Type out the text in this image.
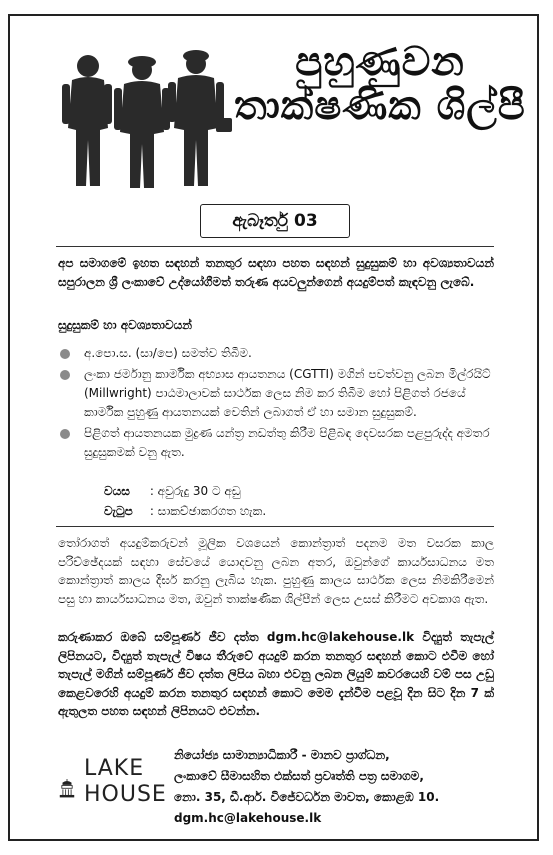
පුහුණුවන
තාක්ෂණික ශිල්පී
ඇබෑර්තු 03
අප සමාගමේ ඉහත සඳහන් තනතුර සඳහා පහත සඳහන් සුදුසුකම් හා අවශ්‍යතාවයන් සපුරාලන ශ්‍රී ලංකාවේ උද්යෝගීමත් තරුණ අයවලුන්ගෙන් අයදුම්පත් කැඳවනු ලැබේ.
සුදුසුකම් හා අවශ්‍යතාවයන්
අ.පො.ස. (සා/පෙ) සමත්ව තිබීම.
ලංකා ජර්මානු කාර්මික අභ්‍යාස ආයතනය (CGTTI) මගින් පවත්වනු ලබන මිල්රයිට් (Millwright) පාඨමාලාවක් සාර්ථක ලෙස නිම කර තිබීම හෝ පිළිගත් රජයේ කාර්මික පුහුණු ආයතනයක් වෙතින් ලබාගත් ඒ හා සමාන සුදුසුකම්.
පිළිගත් ආයතනයක මුද්‍රණ යන්ත්‍ර නඩත්තු කිරීම පිළිබඳ දෙවසරක පළපුරුද්ද අමතර සුදුසුකමක් වනු ඇත.
වයස : අවුරුදු 30 ට අඩු
වැටුප : සාකච්ඡාකරගත හැක.
තෝරාගත් අයදුම්කරුවන් මූලික වශයෙන් කොන්ත්‍රාත් පදනම මත වසරක කාල පරිච්ඡේදයක් සඳහා සේවයේ යොදවනු ලබන අතර, ඔවුන්ගේ කාර්යසාධනය මත කොන්ත්‍රාත් කාලය දීර්ඝ කරනු ලැබිය හැක. පුහුණු කාලය සාර්ථක ලෙස නිමකිරීමෙන් පසු හා කාර්යසාධනය මත, ඔවුන් තාක්ෂණික ශිල්පීන් ලෙස උසස් කිරීමට අවකාශ ඇත.
කරුණාකර ඔබේ සම්පූර්ණ ජීව දත්ත dgm.hc@lakehouse.lk විද්‍යුත් තැපැල් ලිපිනයට, විද්‍යුත් තැපැල් විෂය තීරුවේ අයදුම් කරන තනතුර සඳහන් කොට එවීම හෝ තැපැල් මගින් සම්පූර්ණ ජීව දත්ත ලිපිය බහා එවනු ලබන ලියුම් කවරයෙහි වම් පස උඩු කෙළවරෙහි අයදුම් කරන තනතුර සඳහන් කොට මෙම දැන්වීම පළවූ දින සිට දින 7 ක් ඇතුලත පහත සඳහන් ලිපිනයට එවන්න.
LAKE
HOUSE
නියෝජ්‍ය සාමාන්‍යාධිකාරී - මානව ප්‍රාග්ධන,
ලංකාවේ සීමාසහිත එක්සත් ප්‍රවෘත්ති පත්‍ර සමාගම,
නො. 35, ඩී.ආර්. විජේවර්ධන මාවත, කොළඹ 10.
dgm.hc@lakehouse.lk
